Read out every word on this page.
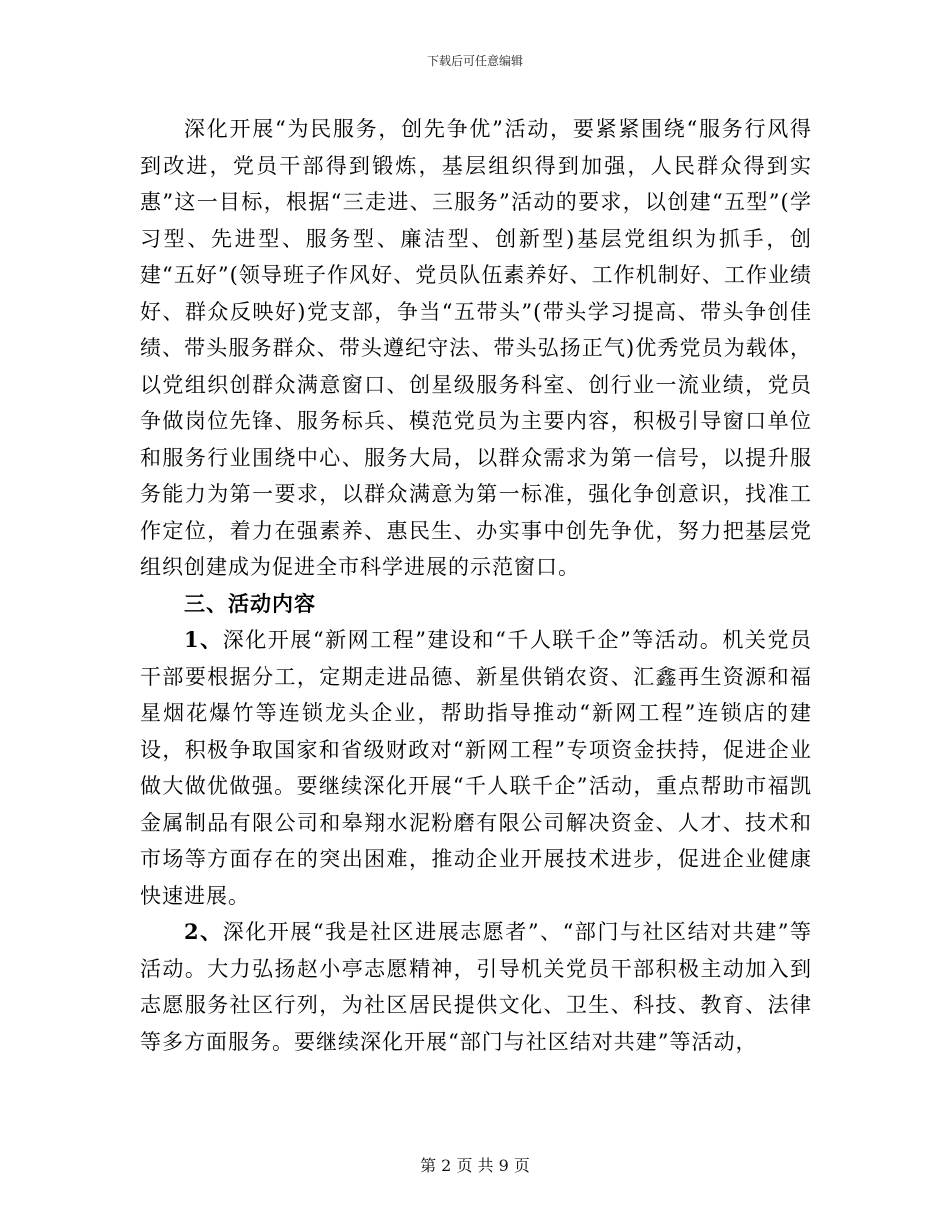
下载后可任意编辑

深化开展“为民服务，创先争优”活动，要紧紧围绕“服务行风得到改进，党员干部得到锻炼，基层组织得到加强，人民群众得到实惠”这一目标，根据“三走进、三服务”活动的要求，以创建“五型”(学习型、先进型、服务型、廉洁型、创新型)基层党组织为抓手，创建“五好”(领导班子作风好、党员队伍素养好、工作机制好、工作业绩好、群众反映好)党支部，争当“五带头”(带头学习提高、带头争创佳绩、带头服务群众、带头遵纪守法、带头弘扬正气)优秀党员为载体，以党组织创群众满意窗口、创星级服务科室、创行业一流业绩，党员争做岗位先锋、服务标兵、模范党员为主要内容，积极引导窗口单位和服务行业围绕中心、服务大局，以群众需求为第一信号，以提升服务能力为第一要求，以群众满意为第一标准，强化争创意识，找准工作定位，着力在强素养、惠民生、办实事中创先争优，努力把基层党组织创建成为促进全市科学进展的示范窗口。

三、活动内容

1、深化开展“新网工程”建设和“千人联千企”等活动。机关党员干部要根据分工，定期走进品德、新星供销农资、汇鑫再生资源和福星烟花爆竹等连锁龙头企业，帮助指导推动“新网工程”连锁店的建设，积极争取国家和省级财政对“新网工程”专项资金扶持，促进企业做大做优做强。要继续深化开展“千人联千企”活动，重点帮助市福凯金属制品有限公司和皋翔水泥粉磨有限公司解决资金、人才、技术和市场等方面存在的突出困难，推动企业开展技术进步，促进企业健康快速进展。

2、深化开展“我是社区进展志愿者”、“部门与社区结对共建”等活动。大力弘扬赵小亭志愿精神，引导机关党员干部积极主动加入到志愿服务社区行列，为社区居民提供文化、卫生、科技、教育、法律等多方面服务。要继续深化开展“部门与社区结对共建”等活动，

第 2 页 共 9 页
